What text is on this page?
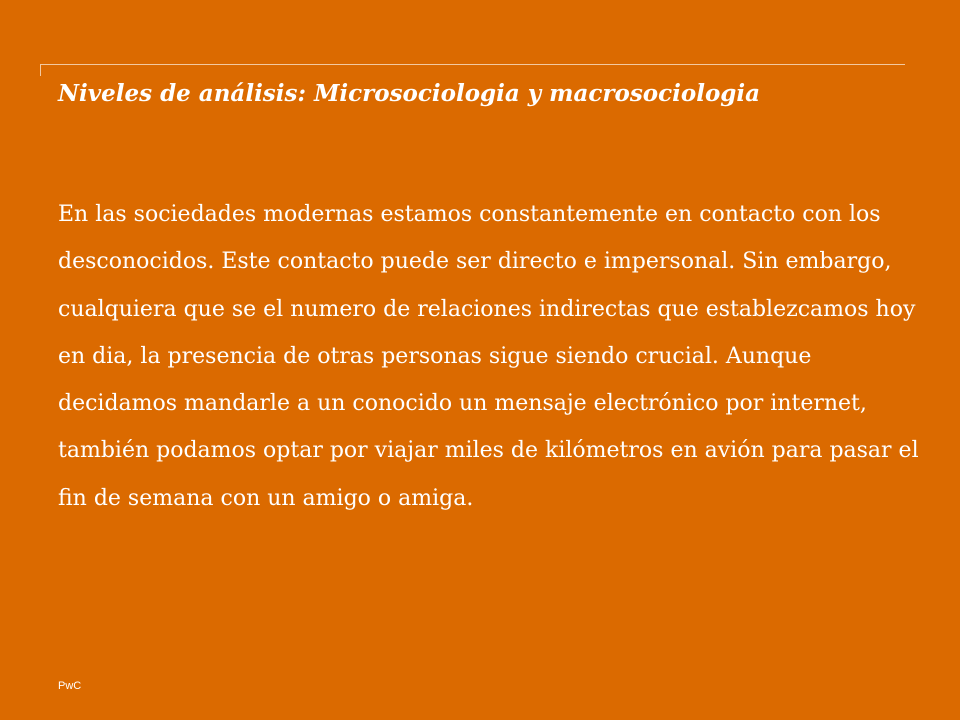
Niveles de análisis: Microsociologia y macrosociologia

En las sociedades modernas estamos constantemente en contacto con los desconocidos. Este contacto puede ser directo e impersonal. Sin embargo, cualquiera que se el numero de relaciones indirectas que establezcamos hoy en dia, la presencia de otras personas sigue siendo crucial. Aunque decidamos mandarle a un conocido un mensaje electrónico por internet, también podamos optar por viajar miles de kilómetros en avión para pasar el fin de semana con un amigo o amiga.

PwC
